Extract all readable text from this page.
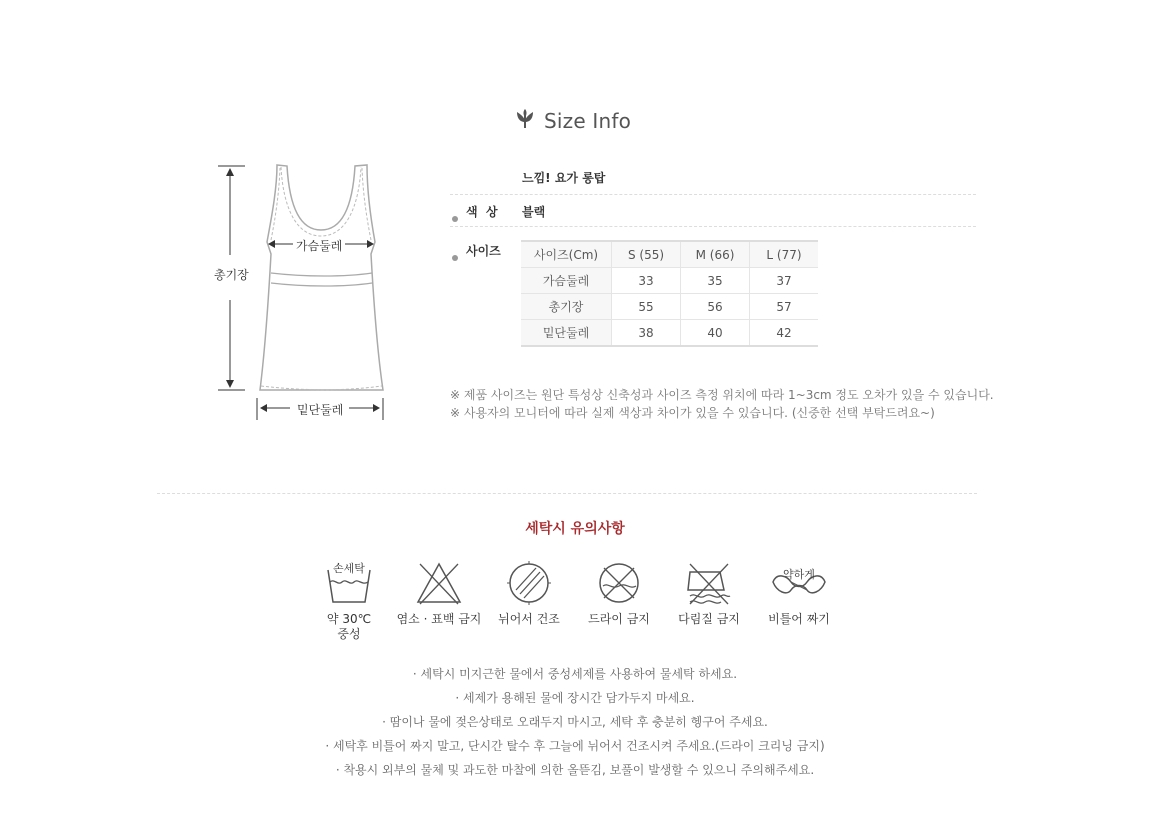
Size Info
가슴둘레
총기장
밑단둘레
느낌! 요가 롱탑
색  상 블랙
사이즈	사이즈(Cm)	S (55)	M (66)	L (77)
가슴둘레	33	35	37
총기장	55	56	57
밑단둘레	38	40	42
※ 제품 사이즈는 원단 특성상 신축성과 사이즈 측정 위치에 따라 1~3cm 정도 오차가 있을 수 있습니다.
※ 사용자의 모니터에 따라 실제 색상과 차이가 있을 수 있습니다. (신중한 선택 부탁드려요~)
세탁시 유의사항
손세탁
약 30℃
중성
염소 · 표백 금지	뉘어서 건조	드라이 금지	다림질 금지
약하게
비틀어 짜기
· 세탁시 미지근한 물에서 중성세제를 사용하여 물세탁 하세요.
· 세제가 용해된 물에 장시간 담가두지 마세요.
· 땀이나 물에 젖은상태로 오래두지 마시고, 세탁 후 충분히 헹구어 주세요.
· 세탁후 비틀어 짜지 말고, 단시간 탈수 후 그늘에 뉘어서 건조시켜 주세요.(드라이 크리닝 금지)
· 착용시 외부의 물체 및 과도한 마찰에 의한 올뜯김, 보풀이 발생할 수 있으니 주의해주세요.
